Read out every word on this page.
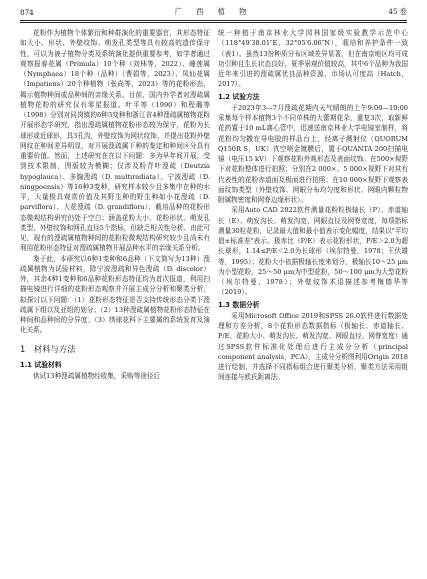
874	广 西 植 物	45 卷

花粉作为植物个体繁衍和种群演化的重要器官，其形态特征如大小、形状、外壁纹饰、萌发孔类型等具有较高的遗传保守性，可以为被子植物分类及系统演化提供重要参考，如学者通过观察报春花属（Primula）10个种（刘林等，2022）、睡莲属（Nymphaea）18个种（品种）（曹娟等，2023）、凤仙花属（Impatiens）20个种植物（张尚等，2023）等的花粉形态，揭示植物种间或品种间的亲缘关系。目前，国内外学者对溲疏属植物花粉的研究仅有零星报道。叶平等（1990）和程璐等（1998）分别对同岗镇的6种3变种和浙江省4种溲疏属植物花粉开展形态学研究，指出溲疏属植物花粉形态较为保守，花粉为长球形或近球形，具3孔沟，外壁纹饰为网状纹饰，并提出花粉外壁网纹在种间差异明显，对开展溲疏属下种的鉴定和种间区分具有重要价值。然而，上述研究在在以下问题：多为早年间开展，受到技术限制，图版较为模糊；仅涉及粉背叶溲疏（Deutzia hypoglauca）、多腺溲疏（D. multiradiata）、宁波溲疏（D. ningpoensis）等16种3变种，研究样本较少且多集中在种的水平，大量极具观赏价值及其野生种的野生种如小花溲疏（D. parviflora）、大花溲疏（D. grandiflora）、截培品种的花粉形态微观结构研究仍处于空白；涵盖花粉大小、花粉形状、萌发孔类型、外壁纹饰和网孔直径5个指标，但缺乏相关性分析。由此可见，现有的溲疏属植物种间的花粉粒微观结构研究较少且尚未有利用花粉形态特征对溲疏属植物开展品种水平的亲缘关系分析。

鉴于此，本研究以6种1变种和6品种（下文简写为13种）溲疏属植物为试验材料，除宁波溲疏和异色溲疏（D. discolor）外，其余4种1变种和6品种花粉形态特征均为首次报道，利用扫描电镜进行详细的花粉形态观察并开展主成分分析和聚类分析，拟探讨以下问题：（1）花粉形态特征是否支持传统形态分类下溲疏属下组以及亚组的划分；（2）13种溲疏属植物花粉形态特征在种间和品种间的分异度；（3）绣球花科下主要属的系统发育及演化关系。

1　材料与方法
1.1 试验材料

供试13种溲疏属植物经收集，采购等途径后

统一种植于南京林业大学园林国家级实验教学示范中心（118°49′38.01″E，32°05′6.06″N），栽培和养护条件一致（表1）。虽然13份种质分布区域差异显著，但在南京地区均可成功引种且生长状态良好，夏季景观价值较高，其中6个品种为我国近年来引进的溲疏属优良品种资源，市场认可度高（Hatch，2017）。

1.2 试验方法

于2023年3—7月溲疏花期内天气晴朗的上午9:00—10:00采集每个样本植物3个不同单株的大蕾期花朵，重复3次，取新鲜花药置于10 mL离心管中，迅速送南京林业大学电镜室制样，将花粉均匀撒在导电胶的样品台上，经离子溅射仪（QUORUM Q150R S，UK）真空喷金镀膜后，置于QUANTA 200扫描电镜（电压15 kV）下观察花粉外观形态及表面纹饰。在500×视野下对花粉整体进行拍照；分别在2 000×、5 000×视野下对其有代表性的花粉赤道面及极面进行拍照；在10 000×视野下观察表面纹饰类型（外壁纹饰、网眼分布均匀度和形状、网眼内颗粒物附属物密度和网脊边缘形状）。

采用Auto CAD 2022软件测量花粉粒极轴长（P）、赤道轴长（E）、萌发沟长、萌发沟宽、网眼直径及网脊宽度，每项指标测量30粒花粉，记录最大值和最小值表示变化幅度，结果以"平均值±标准差"表示。极赤比（P/E）表示花粉形状，P/E＞2.0为超长球形，1.14≤P/E＜2.0为长球形（埃尔特曼，1978；王伏雄等，1995）；花粉大小依据极轴长度来划分，极轴长10～25 μm为小型花粉，25～50 μm为中型花粉，50～100 μm为大型花粉（埃尔特曼，1978）；外壁纹饰术语描述参考梅德华等（2019）。

1.3 数据分析

采用Microsoft Office 2019和SPSS 26.0软件进行数据处理和方差分析，8个花粉形态数据指标（极轴长、赤道轴长、P/E、花粉大小、萌发沟长、萌发沟宽、网眼直径、网脊宽度）通过SPSS软件标准化处理后进行主成分分析（principal component analysis，PCA），主成分分析图利用Origin 2018进行绘制，并选择不同指标组合进行聚类分析，聚类方法采用组间连接与欧氏距离法。
